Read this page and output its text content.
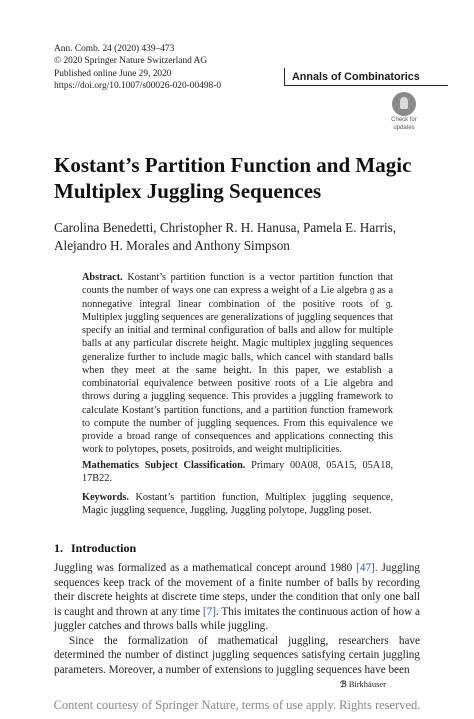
Ann. Comb. 24 (2020) 439–473
© 2020 Springer Nature Switzerland AG
Published online June 29, 2020
https://doi.org/10.1007/s00026-020-00498-0
Annals of Combinatorics
Check for
updates
Kostant’s Partition Function and Magic Multiplex Juggling Sequences
Carolina Benedetti, Christopher R. H. Hanusa, Pamela E. Harris, Alejandro H. Morales and Anthony Simpson

Abstract. Kostant’s partition function is a vector partition function that counts the number of ways one can express a weight of a Lie algebra 𝔤 as a nonnegative integral linear combination of the positive roots of 𝔤. Multiplex juggling sequences are generalizations of juggling sequences that specify an initial and terminal configuration of balls and allow for multiple balls at any particular discrete height. Magic multiplex juggling sequences generalize further to include magic balls, which cancel with standard balls when they meet at the same height. In this paper, we establish a combinatorial equivalence between positive roots of a Lie algebra and throws during a juggling sequence. This provides a juggling framework to calculate Kostant’s partition functions, and a partition function framework to compute the number of juggling sequences. From this equivalence we provide a broad range of consequences and applications connecting this work to polytopes, posets, positroids, and weight multiplicities.

Mathematics Subject Classification. Primary 00A08, 05A15, 05A18, 17B22.

Keywords. Kostant’s partition function, Multiplex juggling sequence, Magic juggling sequence, Juggling, Juggling polytope, Juggling poset.

1. Introduction

Juggling was formalized as a mathematical concept around 1980 [47]. Juggling sequences keep track of the movement of a finite number of balls by recording their discrete heights at discrete time steps, under the condition that only one ball is caught and thrown at any time [7]. This imitates the continuous action of how a juggler catches and throws balls while juggling.

Since the formalization of mathematical juggling, researchers have determined the number of distinct juggling sequences satisfying certain juggling parameters. Moreover, a number of extensions to juggling sequences have been

ℬ Birkhäuser
Content courtesy of Springer Nature, terms of use apply. Rights reserved.
